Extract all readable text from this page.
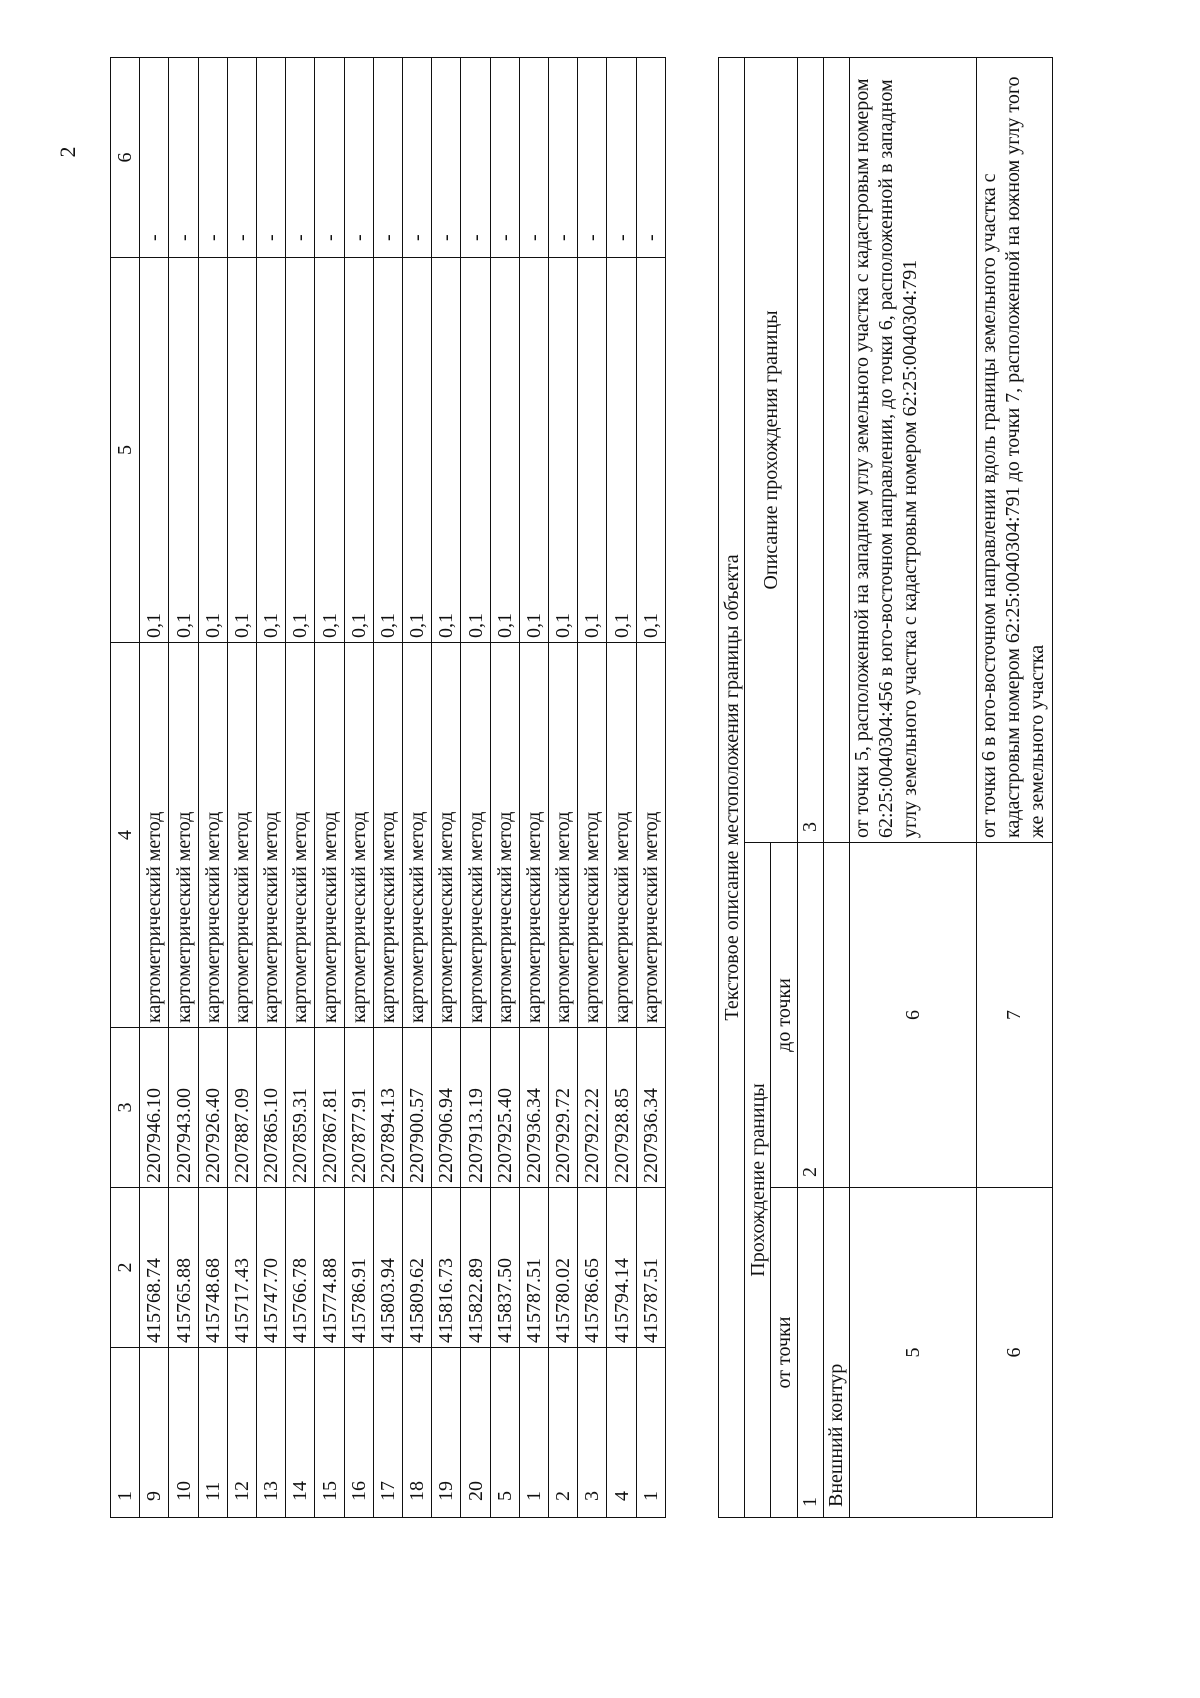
2
1	2	3	4	5	6
9	415768.74	2207946.10	картометрический метод	0,1	-
10	415765.88	2207943.00	картометрический метод	0,1	-
11	415748.68	2207926.40	картометрический метод	0,1	-
12	415717.43	2207887.09	картометрический метод	0,1	-
13	415747.70	2207865.10	картометрический метод	0,1	-
14	415766.78	2207859.31	картометрический метод	0,1	-
15	415774.88	2207867.81	картометрический метод	0,1	-
16	415786.91	2207877.91	картометрический метод	0,1	-
17	415803.94	2207894.13	картометрический метод	0,1	-
18	415809.62	2207900.57	картометрический метод	0,1	-
19	415816.73	2207906.94	картометрический метод	0,1	-
20	415822.89	2207913.19	картометрический метод	0,1	-
5	415837.50	2207925.40	картометрический метод	0,1	-
1	415787.51	2207936.34	картометрический метод	0,1	-
2	415780.02	2207929.72	картометрический метод	0,1	-
3	415786.65	2207922.22	картометрический метод	0,1	-
4	415794.14	2207928.85	картометрический метод	0,1	-
1	415787.51	2207936.34	картометрический метод	0,1	-
Текстовое описание местоположения границы объекта		
Прохождение границы		Описание прохождения границы
от точки	до точки	
1	2	3
Внешний контур		
5	6	от точки 5, расположенной на западном углу земельного участка с кадастровым номером 62:25:0040304:456 в юго-восточном направлении, до точки 6, расположенной в западном углу земельного участка с кадастровым номером 62:25:0040304:791
6	7	от точки 6 в юго-восточном направлении вдоль границы земельного участка с кадастровым номером 62:25:0040304:791 до точки 7, расположенной на южном углу того же земельного участка
